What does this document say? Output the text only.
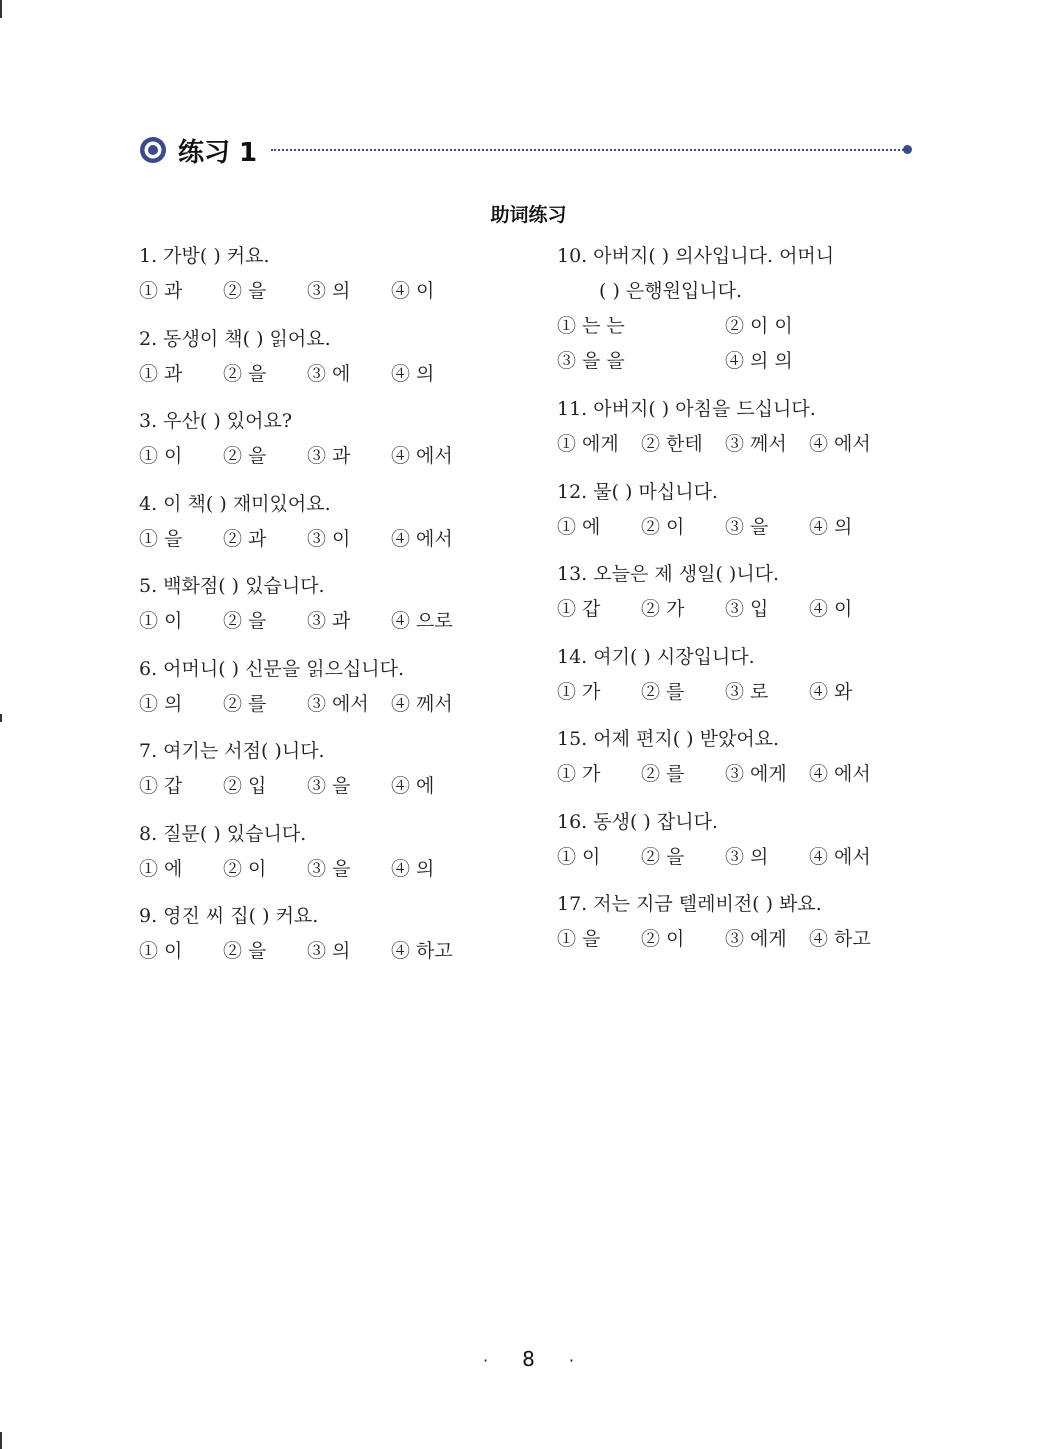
练习 1
助词练习
1. 가방( ) 커요.
① 과	② 을	③ 의	④ 이
2. 동생이 책( ) 읽어요.
① 과	② 을	③ 에	④ 의
3. 우산( ) 있어요?
① 이	② 을	③ 과	④ 에서
4. 이 책( ) 재미있어요.
① 을	② 과	③ 이	④ 에서
5. 백화점( ) 있습니다.
① 이	② 을	③ 과	④ 으로
6. 어머니( ) 신문을 읽으십니다.
① 의	② 를	③ 에서	④ 께서
7. 여기는 서점( )니다.
① 갑	② 입	③ 을	④ 에
8. 질문( ) 있습니다.
① 에	② 이	③ 을	④ 의
9. 영진 씨 집( ) 커요.
① 이	② 을	③ 의	④ 하고
10. 아버지( ) 의사입니다. 어머니
( ) 은행원입니다.
① 는 는	② 이 이
③ 을 을	④ 의 의
11. 아버지( ) 아침을 드십니다.
① 에게	② 한테	③ 께서	④ 에서
12. 물( ) 마십니다.
① 에	② 이	③ 을	④ 의
13. 오늘은 제 생일( )니다.
① 갑	② 가	③ 입	④ 이
14. 여기( ) 시장입니다.
① 가	② 를	③ 로	④ 와
15. 어제 편지( ) 받았어요.
① 가	② 를	③ 에게	④ 에서
16. 동생( ) 잡니다.
① 이	② 을	③ 의	④ 에서
17. 저는 지금 텔레비전( ) 봐요.
① 을	② 이	③ 에게	④ 하고
· 8 ·
